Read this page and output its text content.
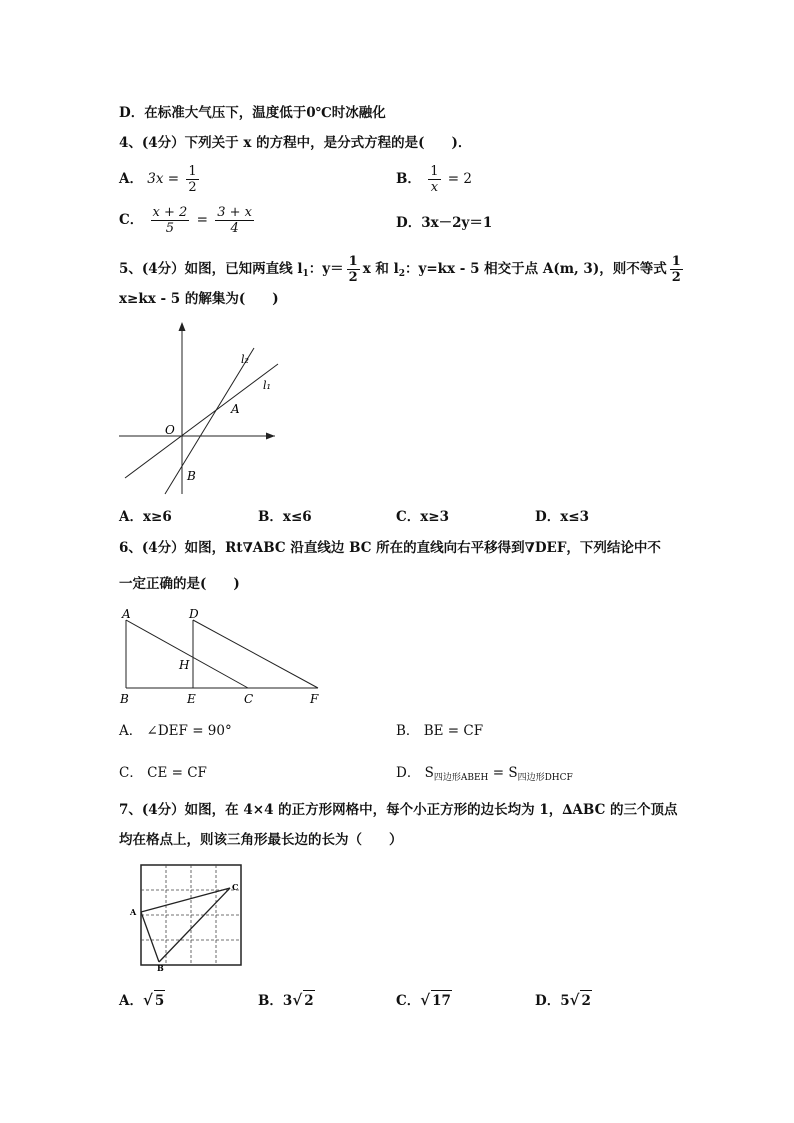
D．在标准大气压下，温度低于0℃时冰融化
4、(4分）下列关于 x 的方程中，是分式方程的是(　　)．
A． $3x = \frac{1}{2}$	B． $\frac{1}{x} = 2$
C． $\frac{x + 2}{5} = \frac{3 + x}{4}$	D．3x－2y＝1
5、(4分）如图，已知两直线 $l_1$：$y= \frac{1}{2}$ x 和 $l_2$：y=kx - 5 相交于点 A(m, 3)，则不等式 $\frac{1}{2}$
x≥kx - 5 的解集为(　　)
l₂
l₁
A
O
B
A．x≥6	B．x≤6	C．x≥3	D．x≤3
6、(4分）如图，Rt∇ABC 沿直线边 BC 所在的直线向右平移得到∇DEF，下列结论中不
一定正确的是(　　)
A	D
H
B	E	C	F
A． ∠DEF = 90°	B． BE = CF
C． CE = CF	D． $S_{四边形ABEH} = S_{四边形DHCF}$
7、(4分）如图，在 4×4 的正方形网格中，每个小正方形的边长均为 1，∆ABC 的三个顶点
均在格点上，则该三角形最长边的长为（　　）
A
B
C
A．√ 5	B．3√ 2	C．√ 17	D．5√ 2
